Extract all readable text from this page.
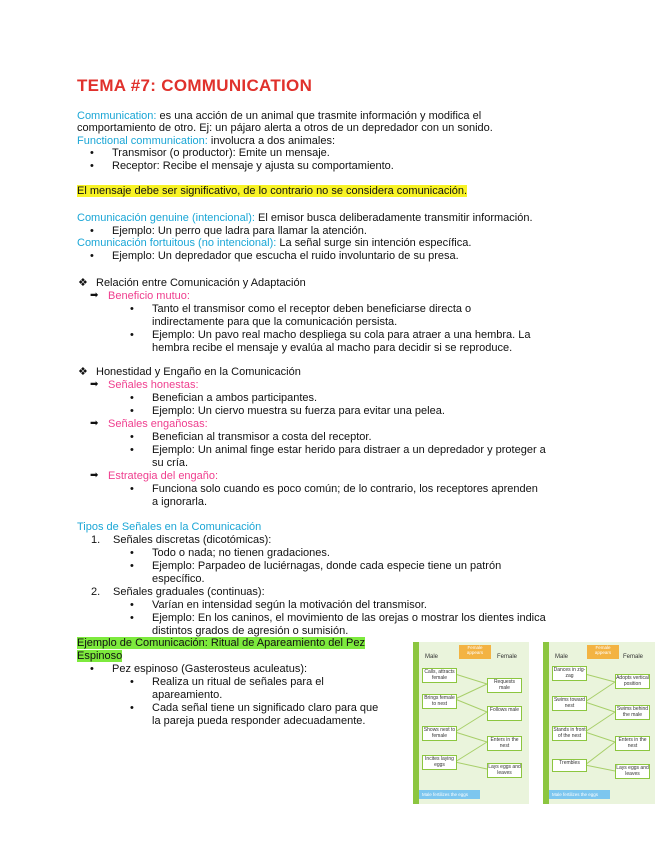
TEMA #7: COMMUNICATION
Communication: es una acción de un animal que trasmite información y modifica el
comportamiento de otro. Ej: un pájaro alerta a otros de un depredador con un sonido.
Functional communication: involucra a dos animales:
• Transmisor (o productor): Emite un mensaje.
• Receptor: Recibe el mensaje y ajusta su comportamiento.
El mensaje debe ser significativo, de lo contrario no se considera comunicación.
Comunicación genuine (intencional): El emisor busca deliberadamente transmitir información.
• Ejemplo: Un perro que ladra para llamar la atención.
Comunicación fortuitous (no intencional): La señal surge sin intención específica.
• Ejemplo: Un depredador que escucha el ruido involuntario de su presa.
❖ Relación entre Comunicación y Adaptación
➡ Beneficio mutuo:
• Tanto el transmisor como el receptor deben beneficiarse directa o
indirectamente para que la comunicación persista.
• Ejemplo: Un pavo real macho despliega su cola para atraer a una hembra. La
hembra recibe el mensaje y evalúa al macho para decidir si se reproduce.
❖ Honestidad y Engaño en la Comunicación
➡ Señales honestas:
• Benefician a ambos participantes.
• Ejemplo: Un ciervo muestra su fuerza para evitar una pelea.
➡ Señales engañosas:
• Benefician al transmisor a costa del receptor.
• Ejemplo: Un animal finge estar herido para distraer a un depredador y proteger a
su cría.
➡ Estrategia del engaño:
• Funciona solo cuando es poco común; de lo contrario, los receptores aprenden
a ignorarla.
Tipos de Señales en la Comunicación
1. Señales discretas (dicotómicas):
• Todo o nada; no tienen gradaciones.
• Ejemplo: Parpadeo de luciérnagas, donde cada especie tiene un patrón
específico.
2. Señales graduales (continuas):
• Varían en intensidad según la motivación del transmisor.
• Ejemplo: En los caninos, el movimiento de las orejas o mostrar los dientes indica
distintos grados de agresión o sumisión.
Ejemplo de Comunicación: Ritual de Apareamiento del Pez
Espinoso
• Pez espinoso (Gasterosteus aculeatus):
• Realiza un ritual de señales para el
apareamiento.
• Cada señal tiene un significado claro para que
la pareja pueda responder adecuadamente.
Male	Female
Female appears
Calls, attracts female
Brings female to nest
Shows nest to female
Incites laying eggs
Requests male
Follows male
Enters in the nest
Lays eggs and leaves
Male fertilizes the eggs
Male	Female
Female appears
Dances in zig-zag
Swims toward nest
Stands in front of the nest
Trembles
Adopts vertical position
Swims behind the male
Enters in the nest
Lays eggs and leaves
Male fertilizes the eggs
